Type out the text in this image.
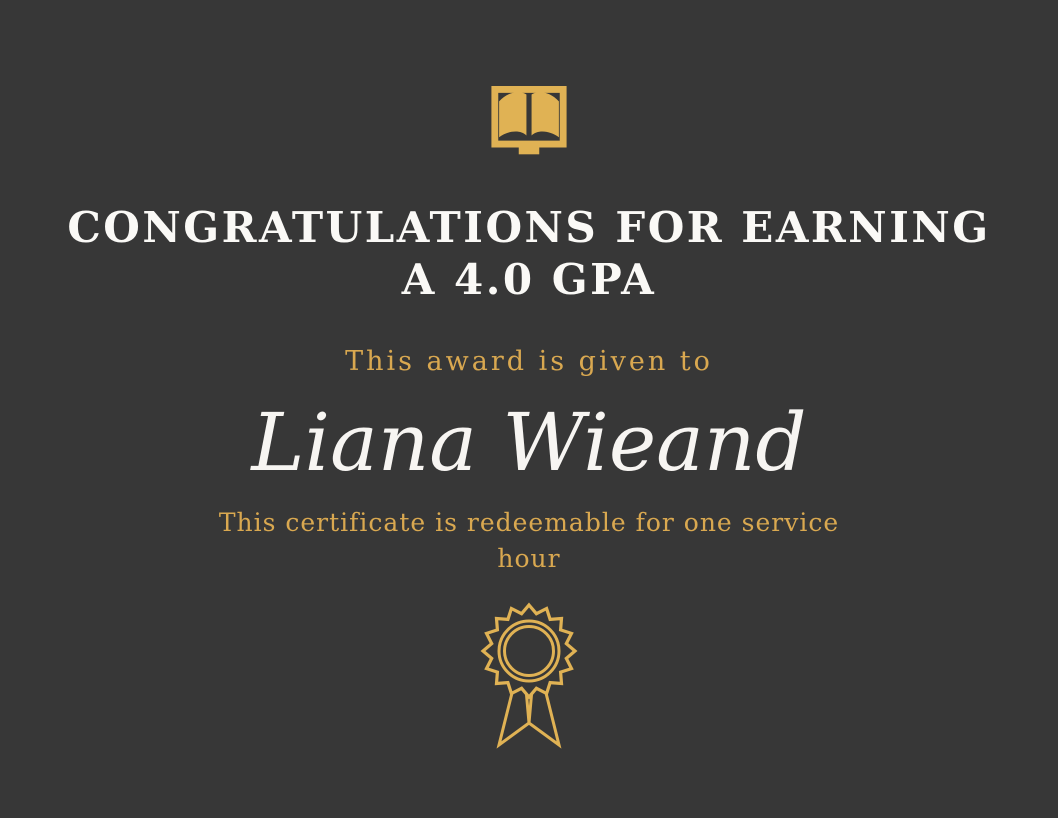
CONGRATULATIONS FOR EARNING
A 4.0 GPA

This award is given to

Liana Wieand

This certificate is redeemable for one service
hour
